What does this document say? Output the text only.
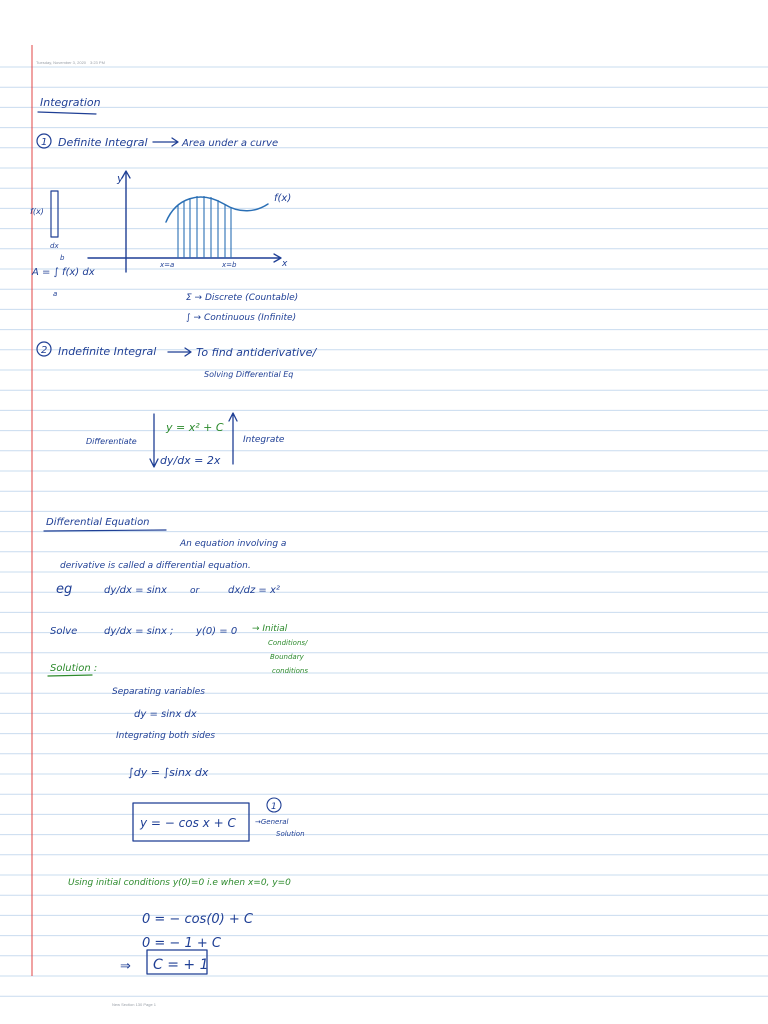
Tuesday, November 3, 2020 3:23 PM
Integration
1 Definite Integral	Area under a curve
y
x
f(x)
x=a	x=b
f(x)
dx
b
A = ∫ f(x) dx
a	Σ → Discrete (Countable)
∫ → Continuous (Infinite)
2 Indefinite Integral	To find antiderivative/
Solving Differential Eq
Differentiate
y = x² + C
dy/dx = 2x
Integrate
Differential Equation
An equation involving a
derivative is called a differential equation.
eg	dy/dx = sinx	or	dx/dz = x²
Solve	dy/dx = sinx ; y(0) = 0 → Initial
Conditions/
Boundary
conditions
Solution :
Separating variables
dy = sinx dx
Integrating both sides
∫dy = ∫sinx dx
y = − cos x + C
1
→General
Solution
Using initial conditions y(0)=0 i.e when x=0, y=0
0 = − cos(0) + C
0 = − 1 + C
⇒ C = + 1
New Section 130 Page 1
